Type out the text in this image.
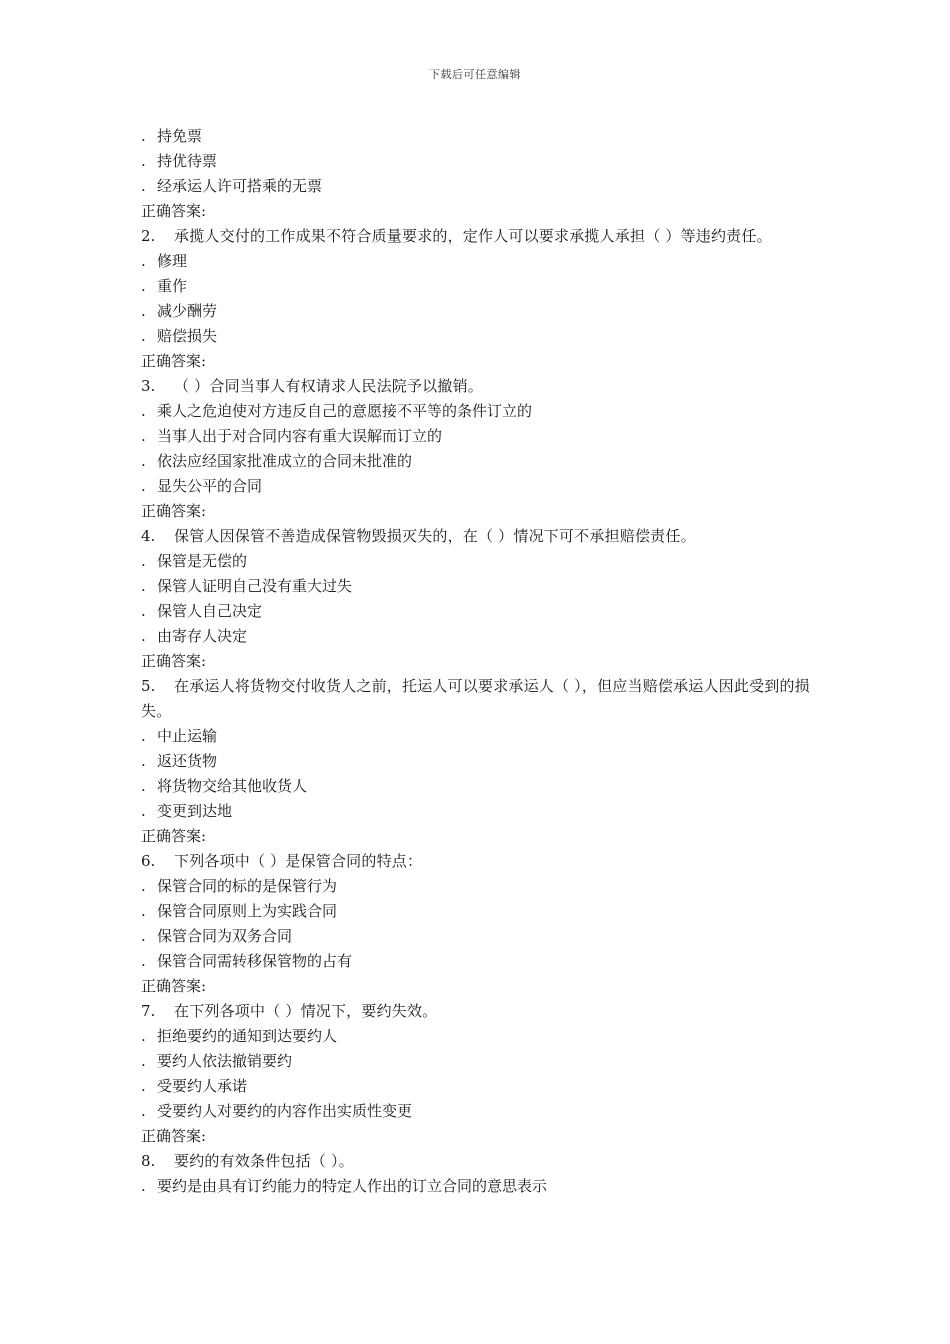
下载后可任意编辑
. 持免票
. 持优待票
. 经承运人许可搭乘的无票
正确答案:
2. 承揽人交付的工作成果不符合质量要求的，定作人可以要求承揽人承担（ ）等违约责任。
. 修理
. 重作
. 减少酬劳
. 赔偿损失
正确答案:
3. （ ）合同当事人有权请求人民法院予以撤销。
. 乘人之危迫使对方违反自己的意愿接不平等的条件订立的
. 当事人出于对合同内容有重大误解而订立的
. 依法应经国家批准成立的合同未批准的
. 显失公平的合同
正确答案:
4. 保管人因保管不善造成保管物毁损灭失的，在（ ）情况下可不承担赔偿责任。
. 保管是无偿的
. 保管人证明自己没有重大过失
. 保管人自己决定
. 由寄存人决定
正确答案:
5. 在承运人将货物交付收货人之前，托运人可以要求承运人（ ），但应当赔偿承运人因此受到的损失。
. 中止运输
. 返还货物
. 将货物交给其他收货人
. 变更到达地
正确答案:
6. 下列各项中（ ）是保管合同的特点：
. 保管合同的标的是保管行为
. 保管合同原则上为实践合同
. 保管合同为双务合同
. 保管合同需转移保管物的占有
正确答案:
7. 在下列各项中（ ）情况下，要约失效。
. 拒绝要约的通知到达要约人
. 要约人依法撤销要约
. 受要约人承诺
. 受要约人对要约的内容作出实质性变更
正确答案:
8. 要约的有效条件包括（ ）。
. 要约是由具有订约能力的特定人作出的订立合同的意思表示
